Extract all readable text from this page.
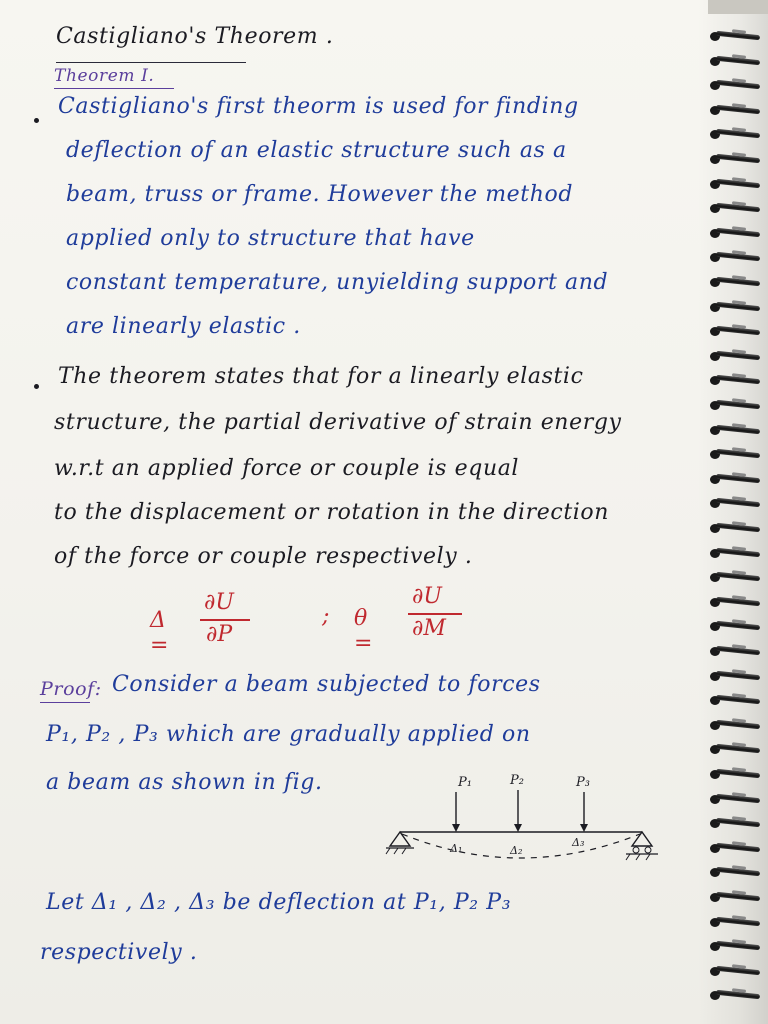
Castigliano's Theorem .
Theorem I.
Castigliano's first theorm is used for finding
deflection of an elastic structure such as a
beam, truss or frame. However the method
applied only to structure that have
constant temperature, unyielding support and
are linearly elastic .
The theorem states that for a linearly elastic
structure, the partial derivative of strain energy
w.r.t an applied force or couple is equal
to the displacement or rotation in the direction
of the force or couple respectively .
Δ =
∂U
∂P
; θ =
∂U
∂M
Proof: Consider a beam subjected to forces
P₁, P₂ , P₃ which are gradually applied on
a beam as shown in fig.	P₁	P₂	P₃
Δ₁	Δ₂
Δ₃
Let Δ₁ , Δ₂ , Δ₃ be deflection at P₁, P₂ P₃
respectively .
